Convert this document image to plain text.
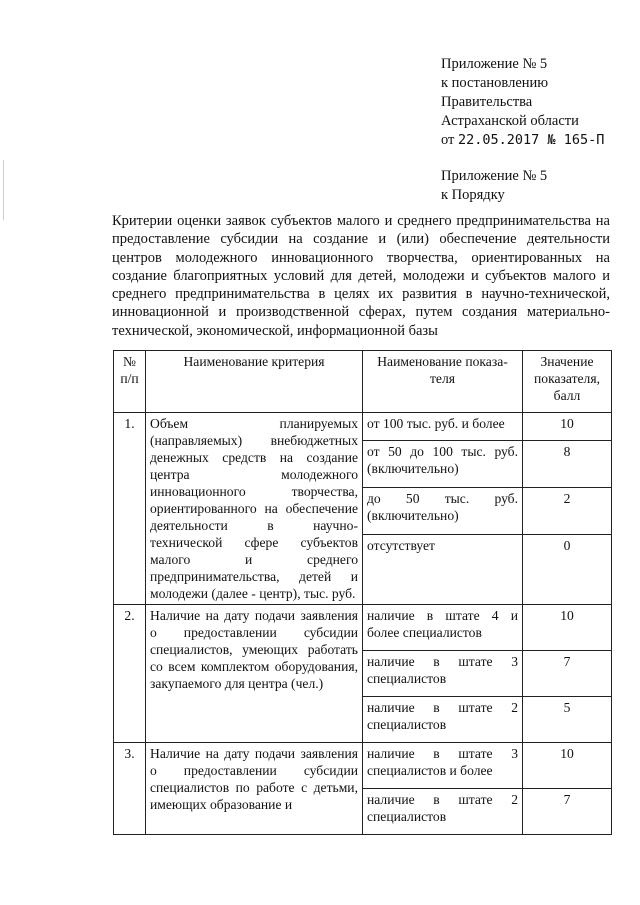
Приложение № 5
к постановлению
Правительства
Астраханской области
от 22.05.2017 № 165-П
Приложение № 5
к Порядку
Критерии оценки заявок субъектов малого и среднего предпринимательства на предоставление субсидии на создание и (или) обеспечение деятельности центров молодежного инновационного творчества, ориентированных на создание благоприятных условий для детей, молодежи и субъектов малого и среднего предпринимательства в целях их развития в научно-технической, инновационной и производственной сферах, путем создания материально-технической, экономической, информационной базы
№ п/п	Наименование критерия	Наименование показа-теля	Значение показателя, балл
1.	Объем планируемых (направляемых) внебюджетных денежных средств на создание центра молодежного инновационного творчества, ориентированного на обеспечение деятельности в научно-технической сфере субъектов малого и среднего предпринимательства, детей и молодежи (далее - центр), тыс. руб.	от 100 тыс. руб. и более	10
		от 50 до 100 тыс. руб. (включительно)	8
		до 50 тыс. руб. (включительно)	2
		отсутствует	0
2.	Наличие на дату подачи заявления о предоставлении субсидии специалистов, умеющих работать со всем комплектом оборудования, закупаемого для центра (чел.)	наличие в штате 4 и более специалистов	10
		наличие в штате 3 специалистов	7
		наличие в штате 2 специалистов	5
3.	Наличие на дату подачи заявления о предоставлении субсидии специалистов по работе с детьми, имеющих образование и	наличие в штате 3 специалистов и более	10
		наличие в штате 2 специалистов	7
